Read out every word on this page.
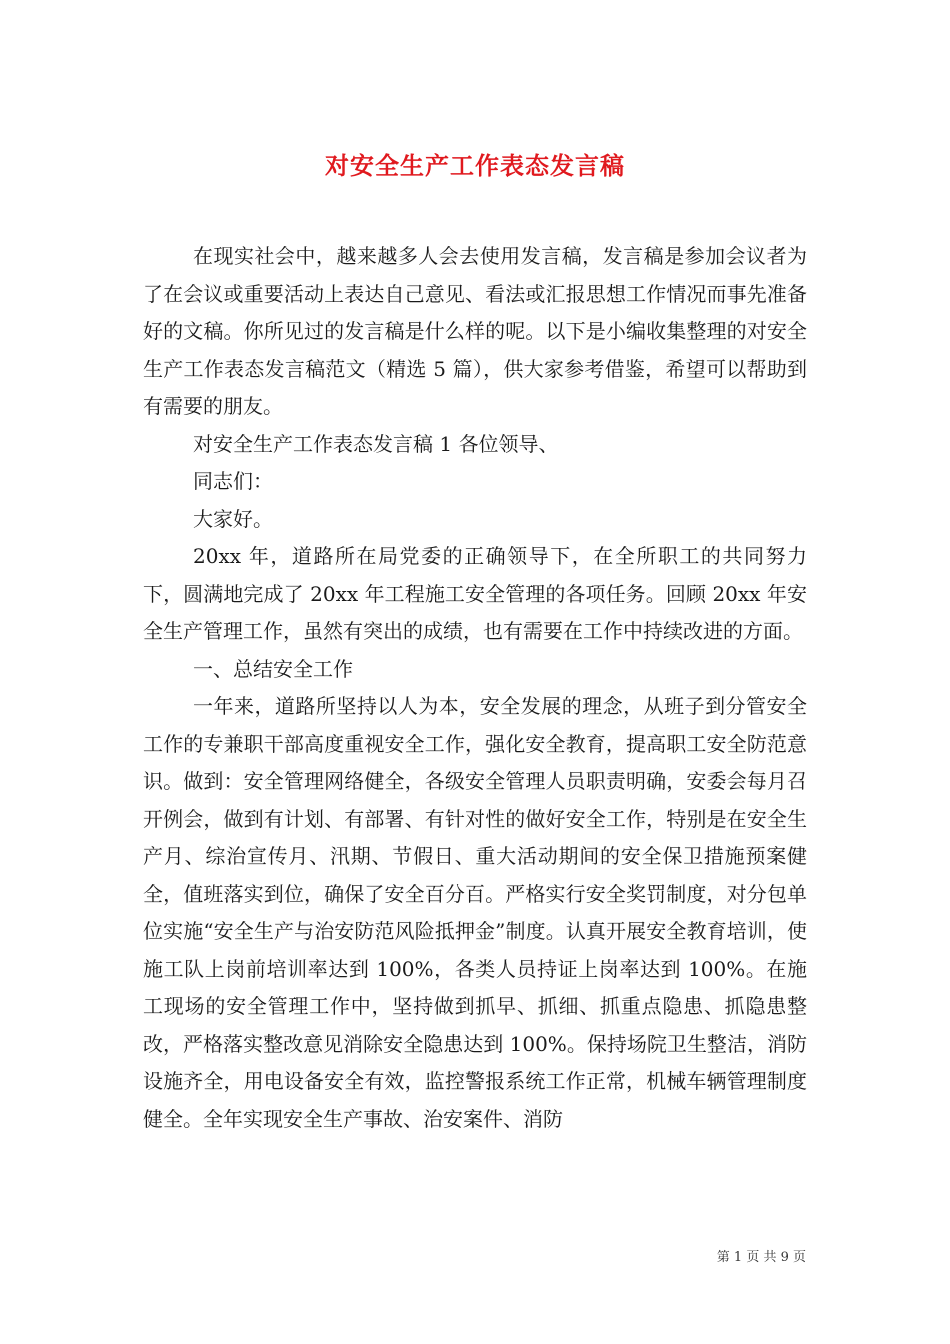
对安全生产工作表态发言稿

在现实社会中，越来越多人会去使用发言稿，发言稿是参加会议者为了在会议或重要活动上表达自己意见、看法或汇报思想工作情况而事先准备好的文稿。你所见过的发言稿是什么样的呢。以下是小编收集整理的对安全生产工作表态发言稿范文（精选 5 篇），供大家参考借鉴，希望可以帮助到有需要的朋友。

对安全生产工作表态发言稿 1 各位领导、

同志们：

大家好。

20xx 年，道路所在局党委的正确领导下，在全所职工的共同努力下，圆满地完成了 20xx 年工程施工安全管理的各项任务。回顾 20xx 年安全生产管理工作，虽然有突出的成绩，也有需要在工作中持续改进的方面。

一、总结安全工作

一年来，道路所坚持以人为本，安全发展的理念，从班子到分管安全工作的专兼职干部高度重视安全工作，强化安全教育，提高职工安全防范意识。做到：安全管理网络健全，各级安全管理人员职责明确，安委会每月召开例会，做到有计划、有部署、有针对性的做好安全工作，特别是在安全生产月、综治宣传月、汛期、节假日、重大活动期间的安全保卫措施预案健全，值班落实到位，确保了安全百分百。严格实行安全奖罚制度，对分包单位实施“安全生产与治安防范风险抵押金”制度。认真开展安全教育培训，使施工队上岗前培训率达到 100%，各类人员持证上岗率达到 100%。在施工现场的安全管理工作中，坚持做到抓早、抓细、抓重点隐患、抓隐患整改，严格落实整改意见消除安全隐患达到 100%。保持场院卫生整洁，消防设施齐全，用电设备安全有效，监控警报系统工作正常，机械车辆管理制度健全。全年实现安全生产事故、治安案件、消防

第 1 页 共 9 页
